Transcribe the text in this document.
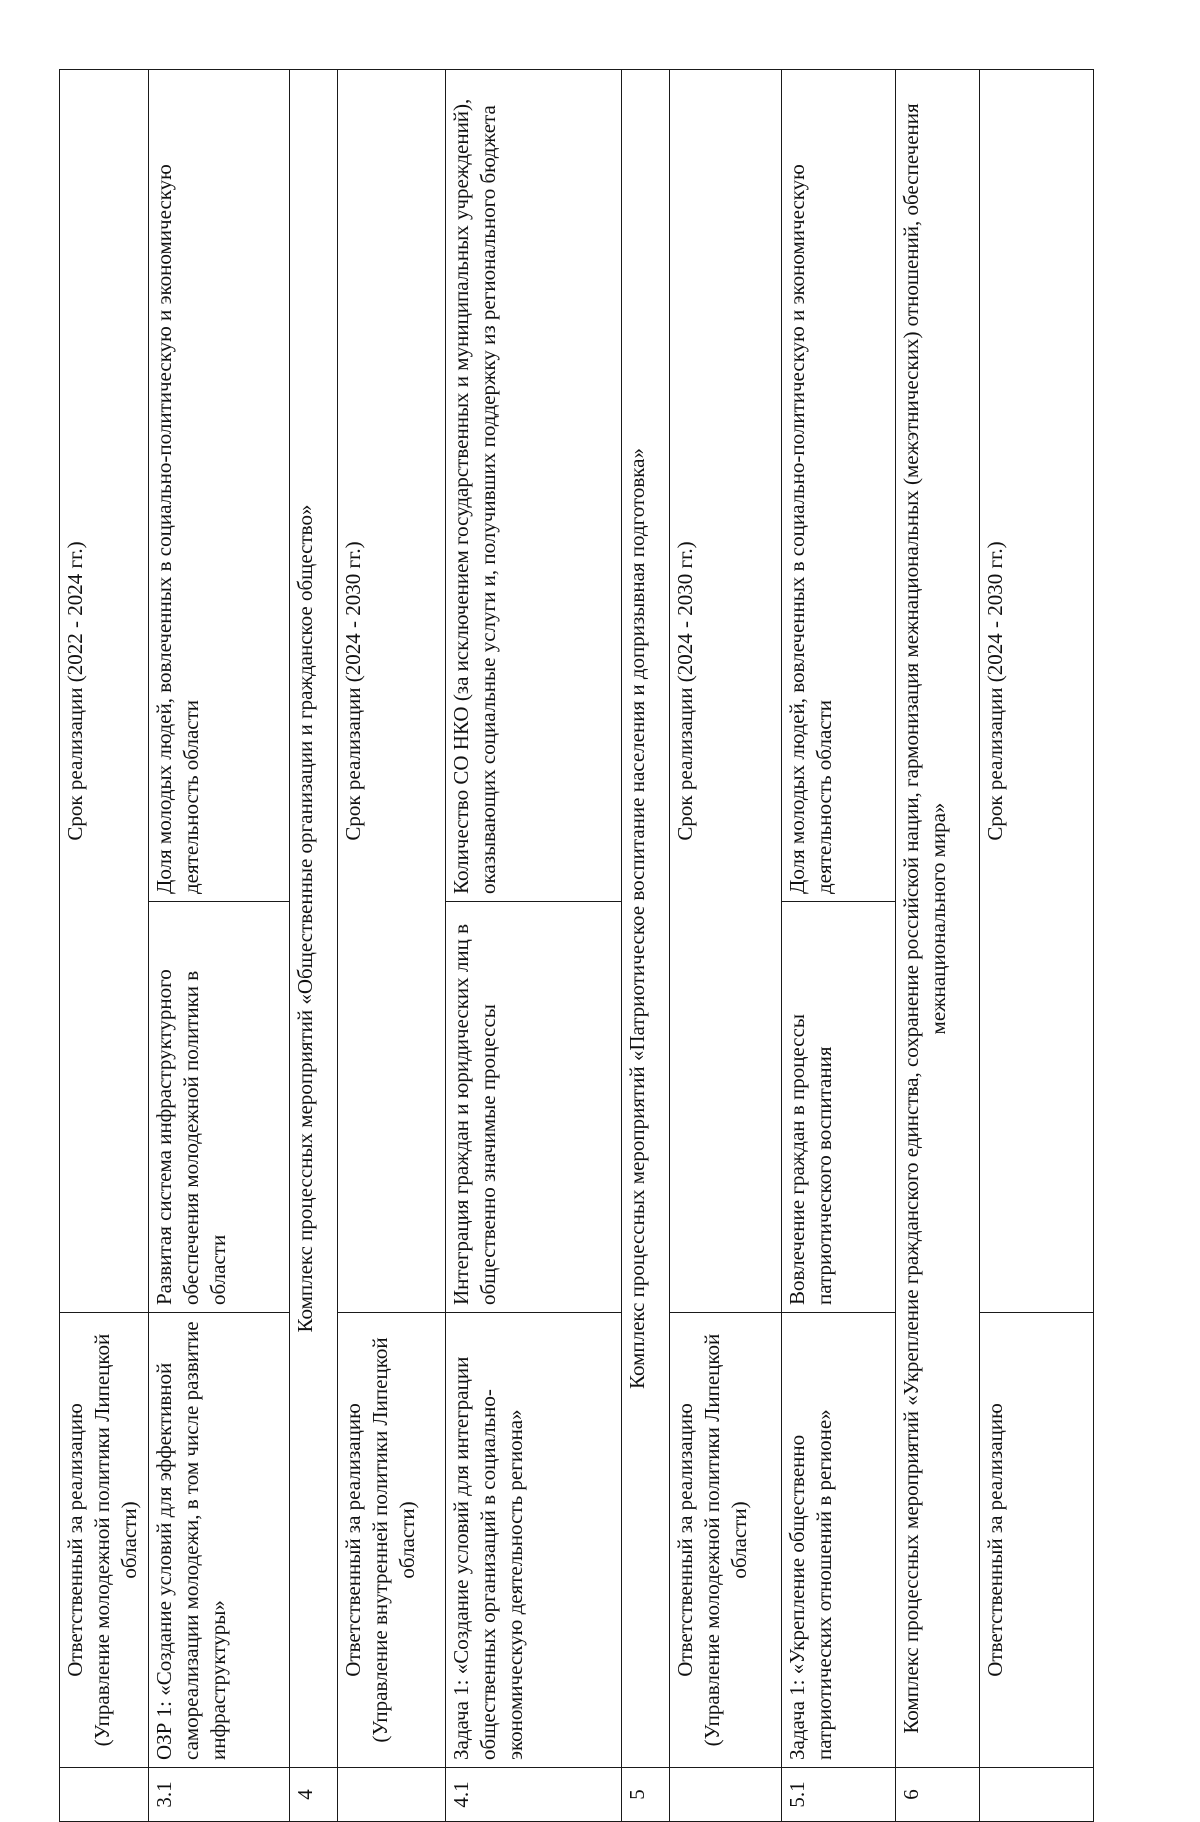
	Ответственный за реализацию (Управление молодежной политики Липецкой области)	Срок реализации (2022 - 2024 гг.)	
3.1	ОЗР 1: «Создание условий для эффективной самореализации молодежи, в том числе развитие инфраструктуры»	Развитая система инфраструктурного обеспечения молодежной политики в области	Доля молодых людей, вовлеченных в социально-политическую и экономическую деятельность области
4	Комплекс процессных мероприятий «Общественные организации и гражданское общество»		

	Ответственный за реализацию (Управление внутренней политики Липецкой области)	Срок реализации (2024 - 2030 гг.)	
4.1	Задача 1: «Создание условий для интеграции общественных организаций в социально-экономическую деятельность региона»	Интеграция граждан и юридических лиц в общественно значимые процессы	Количество СО НКО (за исключением государственных и муниципальных учреждений), оказывающих социальные услуги и, получивших поддержку из регионального бюджета
5	Комплекс процессных мероприятий «Патриотическое воспитание населения и допризывная подготовка»		

	Ответственный за реализацию (Управление молодежной политики Липецкой области)	Срок реализации (2024 - 2030 гг.)	
5.1	Задача 1: «Укрепление общественно патриотических отношений в регионе»	Вовлечение граждан в процессы патриотического воспитания	Доля молодых людей, вовлеченных в социально-политическую и экономическую деятельность области
6	Комплекс процессных мероприятий «Укрепление гражданского единства, сохранение российской нации, гармонизация межнациональных (межэтнических) отношений, обеспечения межнационального мира»		

	Ответственный за реализацию	Срок реализации (2024 - 2030 гг.)	
